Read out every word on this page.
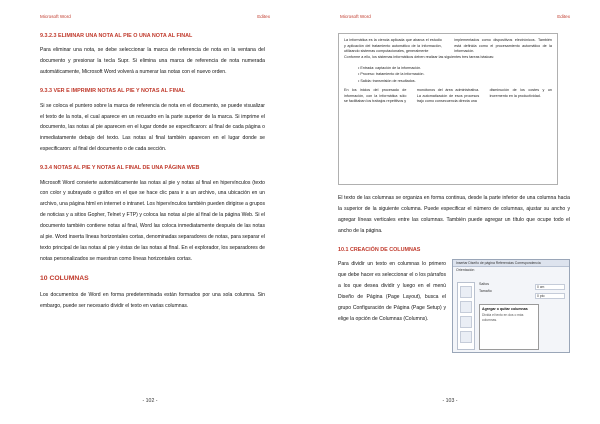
Microsoft Word	Editex
9.3.2.3 ELIMINAR UNA NOTA AL PIE O UNA NOTA AL FINAL

Para eliminar una nota, se debe seleccionar la marca de referencia de nota en la ventana del documento y presionar la tecla Supr. Si elimina una marca de referencia de nota numerada automáticamente, Microsoft Word volverá a numerar las notas con el nuevo orden.

9.3.3 VER E IMPRIMIR NOTAS AL PIE Y NOTAS AL FINAL

Si se coloca el puntero sobre la marca de referencia de nota en el documento, se puede visualizar el texto de la nota, el cual aparece en un recuadro en la parte superior de la marca. Si imprime el documento, las notas al pie aparecen en el lugar donde se especificaron: al final de cada página o inmediatamente debajo del texto. Las notas al final también aparecen en el lugar donde se especificaron: al final del documento o de cada sección.

9.3.4 NOTAS AL PIE Y NOTAS AL FINAL DE UNA PÁGINA WEB

Microsoft Word convierte automáticamente las notas al pie y notas al final en hipervínculos (texto con color y subrayado o gráfico en el que se hace clic para ir a un archivo, una ubicación en un archivo, una página html en internet o intranet. Los hipervínculos también pueden dirigirse a grupos de noticias y a sitios Gopher, Telnet y FTP) y coloca las notas al pie al final de la página Web. Si el documento también contiene notas al final, Word las coloca inmediatamente después de las notas al pie. Word inserta líneas horizontales cortas, denominadas separadores de notas, para separar el texto principal de las notas al pie y éstas de las notas al final. En el explorador, los separadores de notas personalizados se muestran como líneas horizontales cortas.

10 COLUMNAS

Los documentos de Word en forma predeterminada están formados por una sola columna. Sin embargo, puede ser necesario dividir el texto en varias columnas.

- 102 -
Microsoft Word	Editex
La informática es la ciencia aplicada que abarca el estudio y aplicación del tratamiento automático de la información, utilizando sistemas computacionales, generalmente
implementados como dispositivos electrónicos. También está definida como el procesamiento automático de la información.
Conforme a ello, los sistemas informáticos deben realizar las siguientes tres tareas básicas:
• Entrada: captación de la información.
• Proceso: tratamiento de la información.
• Salida: transmisión de resultados.
En los inicios del procesado de información, con la informática sólo se facilitaban los trabajos repetitivos y
monótonos del área administrativa. La automatización de esos procesos trajo como consecuencia directa una
disminución de los costes y un incremento en la productividad.

El texto de las columnas se organiza en forma continua, desde la parte inferior de una columna hacia la superior de la siguiente columna. Puede especificar el número de columnas, ajustar su ancho y agregar líneas verticales entre las columnas. También puede agregar un título que ocupe todo el ancho de la página.

10.1 CREACIÓN DE COLUMNAS

Para dividir un texto en columnas lo primero que debe hacer es seleccionar el o los párrafos a los que desea dividir y luego en el menú Diseño de Página (Page Layout), busca el grupo Configuración de Página (Page Setup) y elige la opción de Columnas (Columns).

Insertar Diseño de página Referencias Correspondencia
Orientación
Saltos
Tamaño
0 cm
0 pto
Agregar o quitar columnas
Divida el texto en dos o más columnas.
- 103 -
